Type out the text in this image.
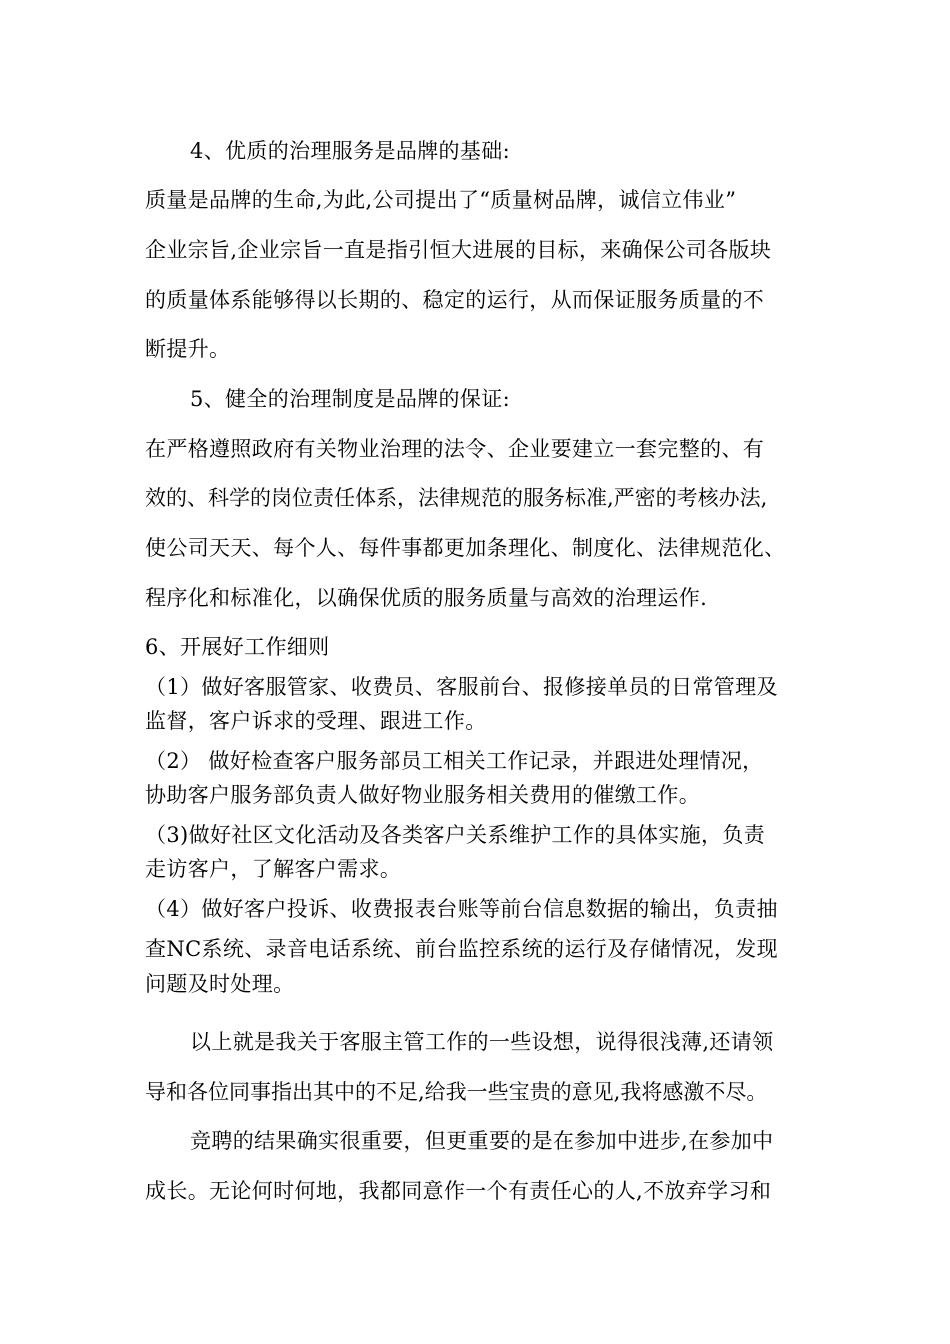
4、优质的治理服务是品牌的基础:

质量是品牌的生命,为此,公司提出了“质量树品牌，诚信立伟业”

企业宗旨,企业宗旨一直是指引恒大进展的目标，来确保公司各版块

的质量体系能够得以长期的、稳定的运行，从而保证服务质量的不

断提升。

5、健全的治理制度是品牌的保证:

在严格遵照政府有关物业治理的法令、企业要建立一套完整的、有

效的、科学的岗位责任体系，法律规范的服务标准,严密的考核办法,

使公司天天、每个人、每件事都更加条理化、制度化、法律规范化、

程序化和标准化，以确保优质的服务质量与高效的治理运作.

6、开展好工作细则

（1）做好客服管家、收费员、客服前台、报修接单员的日常管理及

监督，客户诉求的受理、跟进工作。

（2） 做好检查客户服务部员工相关工作记录，并跟进处理情况，

协助客户服务部负责人做好物业服务相关费用的催缴工作。

（3)做好社区文化活动及各类客户关系维护工作的具体实施，负责

走访客户，了解客户需求。

（4）做好客户投诉、收费报表台账等前台信息数据的输出，负责抽

查NC系统、录音电话系统、前台监控系统的运行及存储情况，发现

问题及时处理。

以上就是我关于客服主管工作的一些设想，说得很浅薄,还请领

导和各位同事指出其中的不足,给我一些宝贵的意见,我将感激不尽。

竞聘的结果确实很重要，但更重要的是在参加中进步,在参加中

成长。无论何时何地，我都同意作一个有责任心的人,不放弃学习和
